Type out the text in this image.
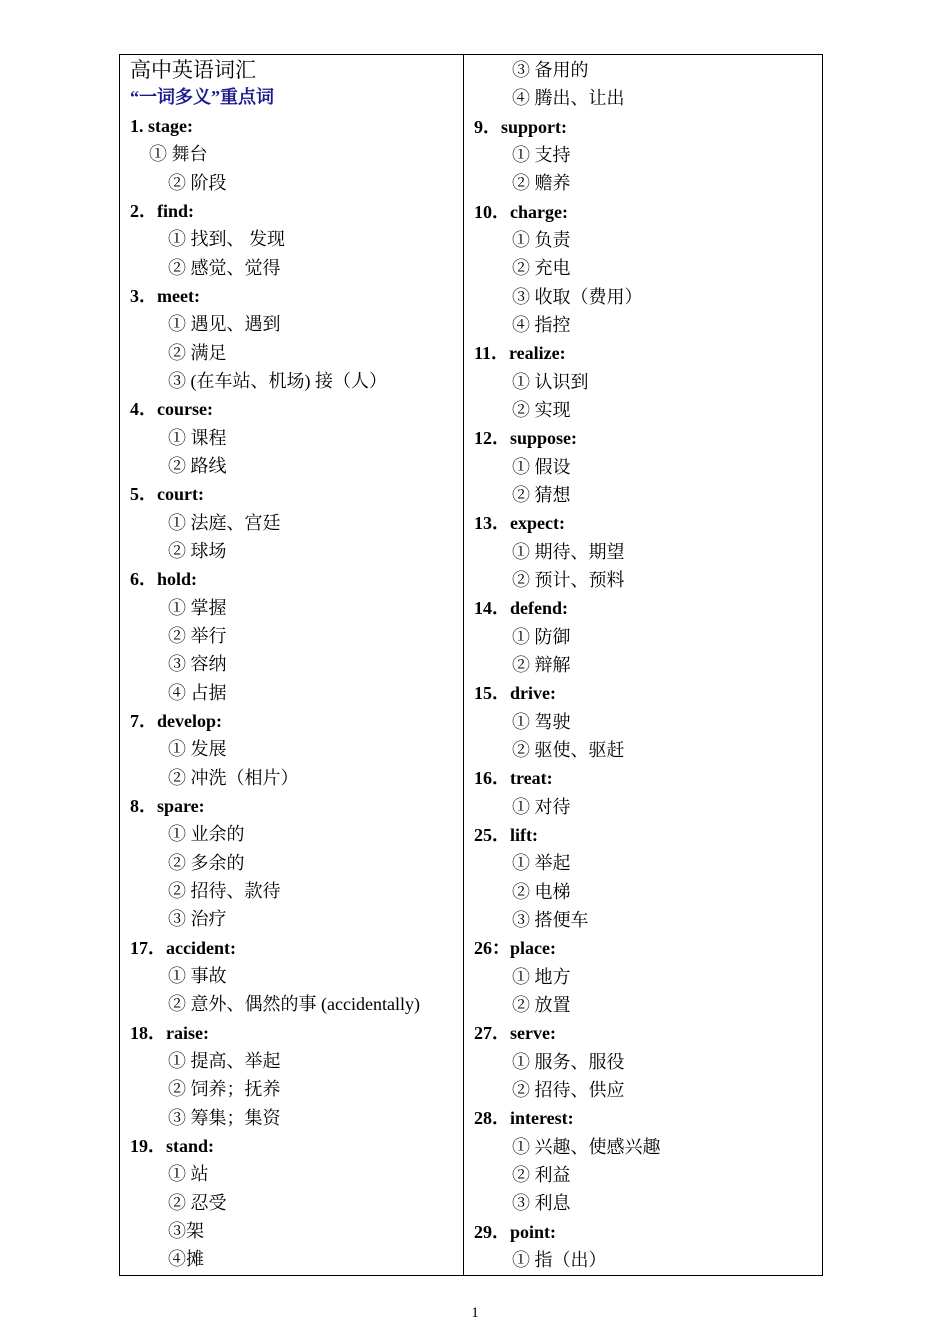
高中英语词汇
“一词多义”重点词
1. stage:
① 舞台
② 阶段
2．find:
① 找到、 发现
② 感觉、觉得
3．meet:
① 遇见、遇到
② 满足
③ (在车站、机场) 接（人）
4．course:
① 课程
② 路线
5．court:
① 法庭、宫廷
② 球场
6．hold:
① 掌握
② 举行
③ 容纳
④ 占据
7．develop:
① 发展
② 冲洗（相片）
8．spare:
① 业余的
② 多余的
② 招待、款待
③ 治疗
17．accident:
① 事故
② 意外、偶然的事 (accidentally)
18．raise:
① 提高、举起
② 饲养；抚养
③ 筹集；集资
19．stand:
① 站
② 忍受
③架
④摊
③ 备用的
④ 腾出、让出
9．support:
① 支持
② 赡养
10．charge:
① 负责
② 充电
③ 收取（费用）
④ 指控
11．realize:
① 认识到
② 实现
12．suppose:
① 假设
② 猜想
13．expect:
① 期待、期望
② 预计、预料
14．defend:
① 防御
② 辩解
15．drive:
① 驾驶
② 驱使、驱赶
16．treat:
① 对待
25．lift:
① 举起
② 电梯
③ 搭便车
26：place:
① 地方
② 放置
27．serve:
① 服务、服役
② 招待、供应
28．interest:
① 兴趣、使感兴趣
② 利益
③ 利息
29．point:
① 指（出）
1
